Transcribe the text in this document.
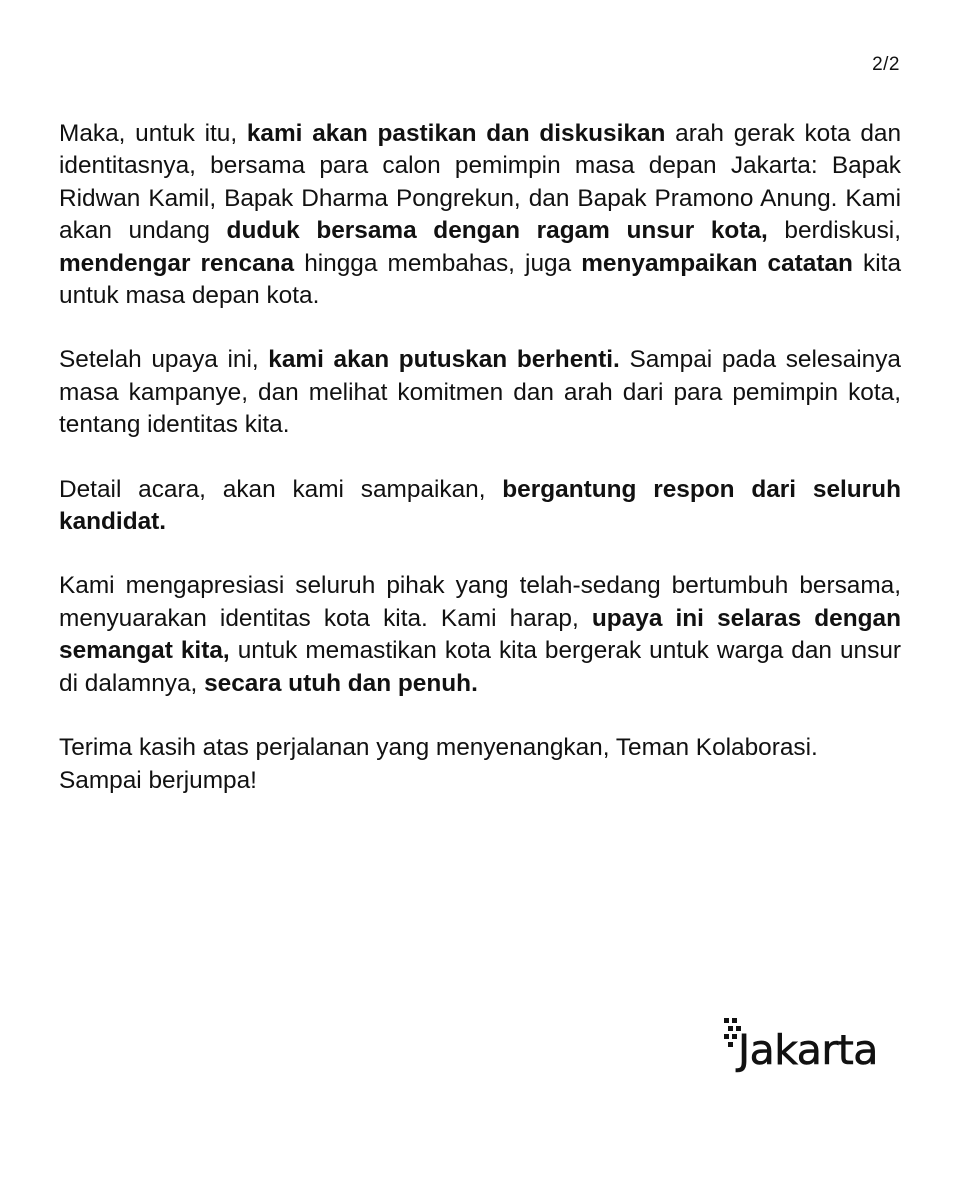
2/2

Maka, untuk itu, kami akan pastikan dan diskusikan arah gerak kota dan identitasnya, bersama para calon pemimpin masa depan Jakarta: Bapak Ridwan Kamil, Bapak Dharma Pongrekun, dan Bapak Pramono Anung. Kami akan undang duduk bersama dengan ragam unsur kota, berdiskusi, mendengar rencana hingga membahas, juga menyampaikan catatan kita untuk masa depan kota.

Setelah upaya ini, kami akan putuskan berhenti. Sampai pada selesainya masa kampanye, dan melihat komitmen dan arah dari para pemimpin kota, tentang identitas kita.

Detail acara, akan kami sampaikan, bergantung respon dari seluruh kandidat.

Kami mengapresiasi seluruh pihak yang telah-sedang bertumbuh bersama, menyuarakan identitas kota kita. Kami harap, upaya ini selaras dengan semangat kita, untuk memastikan kota kita bergerak untuk warga dan unsur di dalamnya, secara utuh dan penuh.

Terima kasih atas perjalanan yang menyenangkan, Teman Kolaborasi.
Sampai berjumpa!

Jakarta
